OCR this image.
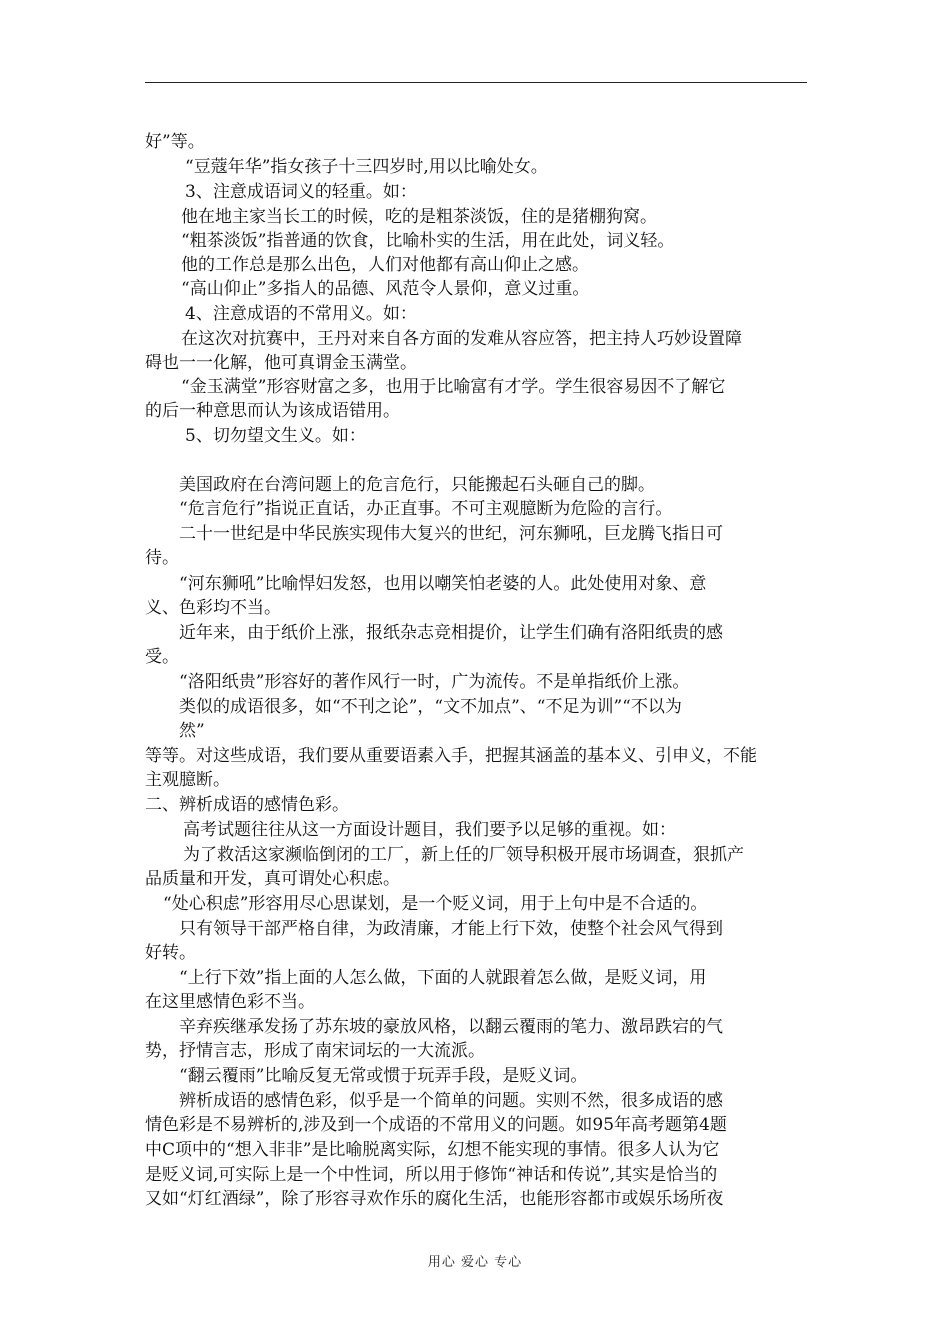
好”等。
“豆蔻年华”指女孩子十三四岁时,用以比喻处女。
3、注意成语词义的轻重。如：
他在地主家当长工的时候，吃的是粗茶淡饭，住的是猪棚狗窝。
“粗茶淡饭”指普通的饮食，比喻朴实的生活，用在此处，词义轻。
他的工作总是那么出色，人们对他都有高山仰止之感。
“高山仰止”多指人的品德、风范令人景仰，意义过重。
4、注意成语的不常用义。如：
在这次对抗赛中，王丹对来自各方面的发难从容应答，把主持人巧妙设置障
碍也一一化解，他可真谓金玉满堂。
“金玉满堂”形容财富之多，也用于比喻富有才学。学生很容易因不了解它
的后一种意思而认为该成语错用。
5、切勿望文生义。如：
美国政府在台湾问题上的危言危行，只能搬起石头砸自己的脚。
“危言危行”指说正直话，办正直事。不可主观臆断为危险的言行。
二十一世纪是中华民族实现伟大复兴的世纪，河东狮吼，巨龙腾飞指日可
待。
“河东狮吼”比喻悍妇发怒，也用以嘲笑怕老婆的人。此处使用对象、意
义、色彩均不当。
近年来，由于纸价上涨，报纸杂志竞相提价，让学生们确有洛阳纸贵的感
受。
“洛阳纸贵”形容好的著作风行一时，广为流传。不是单指纸价上涨。
类似的成语很多，如“不刊之论”，“文不加点”、“不足为训”“不以为
然”
等等。对这些成语，我们要从重要语素入手，把握其涵盖的基本义、引申义，不能
主观臆断。
二、辨析成语的感情色彩。
高考试题往往从这一方面设计题目，我们要予以足够的重视。如：
为了救活这家濒临倒闭的工厂，新上任的厂领导积极开展市场调查，狠抓产
品质量和开发，真可谓处心积虑。
“处心积虑”形容用尽心思谋划，是一个贬义词，用于上句中是不合适的。
只有领导干部严格自律，为政清廉，才能上行下效，使整个社会风气得到
好转。
“上行下效”指上面的人怎么做，下面的人就跟着怎么做，是贬义词，用
在这里感情色彩不当。
辛弃疾继承发扬了苏东坡的豪放风格，以翻云覆雨的笔力、激昂跌宕的气
势，抒情言志，形成了南宋词坛的一大流派。
“翻云覆雨”比喻反复无常或惯于玩弄手段，是贬义词。
辨析成语的感情色彩，似乎是一个简单的问题。实则不然，很多成语的感
情色彩是不易辨析的,涉及到一个成语的不常用义的问题。如95年高考题第4题
中C项中的“想入非非”是比喻脱离实际，幻想不能实现的事情。很多人认为它
是贬义词,可实际上是一个中性词，所以用于修饰“神话和传说”,其实是恰当的
又如“灯红酒绿”，除了形容寻欢作乐的腐化生活，也能形容都市或娱乐场所夜
用心 爱心 专心
